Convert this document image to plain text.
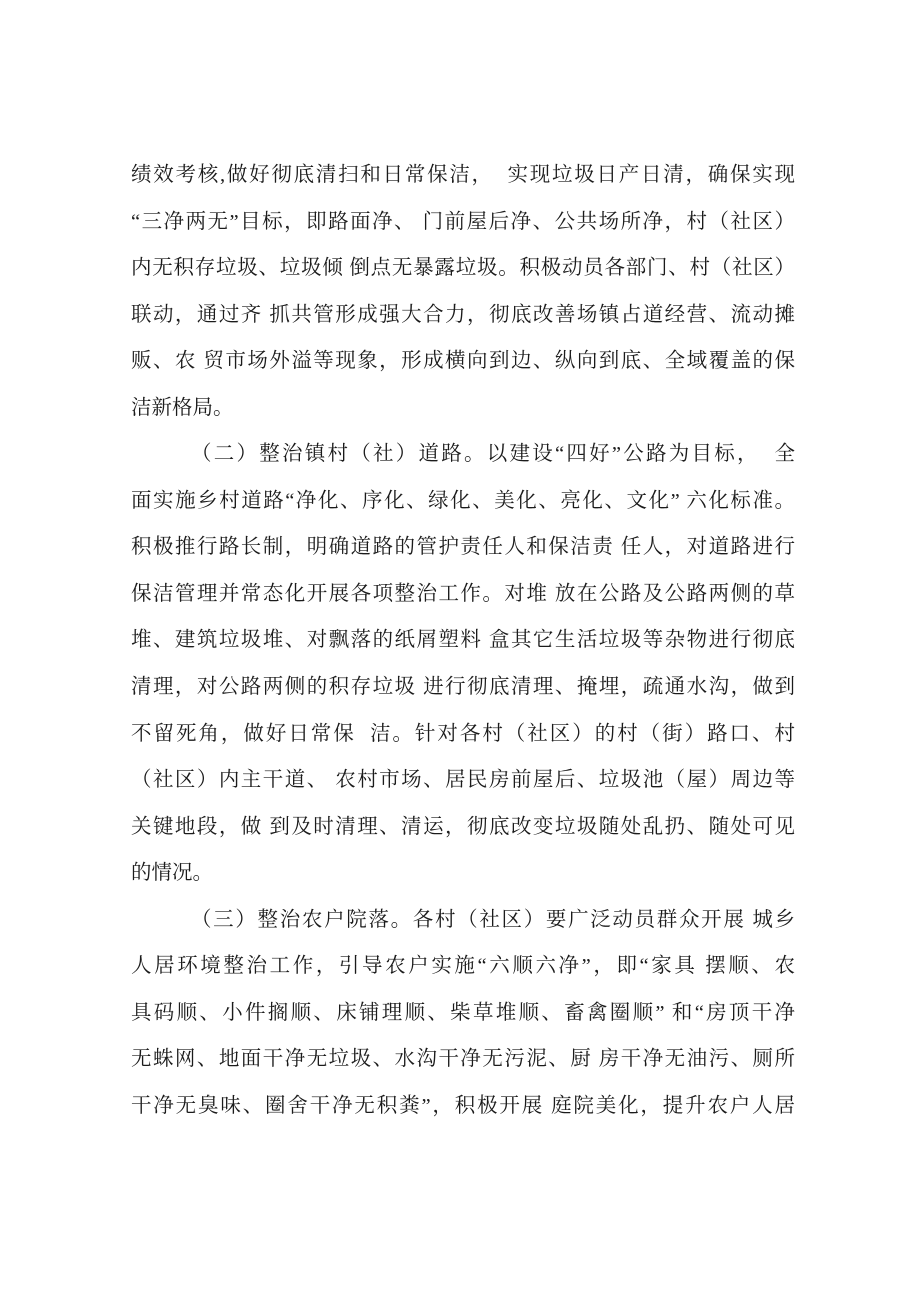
绩效考核,做好彻底清扫和日常保洁，  实现垃圾日产日清，确保实现
“三净两无”目标，即路面净、 门前屋后净、公共场所净，村（社区）
内无积存垃圾、垃圾倾 倒点无暴露垃圾。积极动员各部门、村（社区）
联动，通过齐 抓共管形成强大合力，彻底改善场镇占道经营、流动摊
贩、农 贸市场外溢等现象，形成横向到边、纵向到底、全域覆盖的保
洁新格局。
（二）整治镇村（社）道路。以建设“四好”公路为目标，  全
面实施乡村道路“净化、序化、绿化、美化、亮化、文化” 六化标准。
积极推行路长制，明确道路的管护责任人和保洁责 任人，对道路进行
保洁管理并常态化开展各项整治工作。对堆 放在公路及公路两侧的草
堆、建筑垃圾堆、对飘落的纸屑塑料 盒其它生活垃圾等杂物进行彻底
清理，对公路两侧的积存垃圾 进行彻底清理、掩埋，疏通水沟，做到
不留死角，做好日常保  洁。针对各村（社区）的村（街）路口、村
（社区）内主干道、 农村市场、居民房前屋后、垃圾池（屋）周边等
关键地段，做 到及时清理、清运，彻底改变垃圾随处乱扔、随处可见
的情况。
（三）整治农户院落。各村（社区）要广泛动员群众开展 城乡
人居环境整治工作，引导农户实施“六顺六净”，即“家具 摆顺、农
具码顺、小件搁顺、床铺理顺、柴草堆顺、畜禽圈顺” 和“房顶干净
无蛛网、地面干净无垃圾、水沟干净无污泥、厨 房干净无油污、厕所
干净无臭味、圈舍干净无积粪”，积极开展 庭院美化，提升农户人居
